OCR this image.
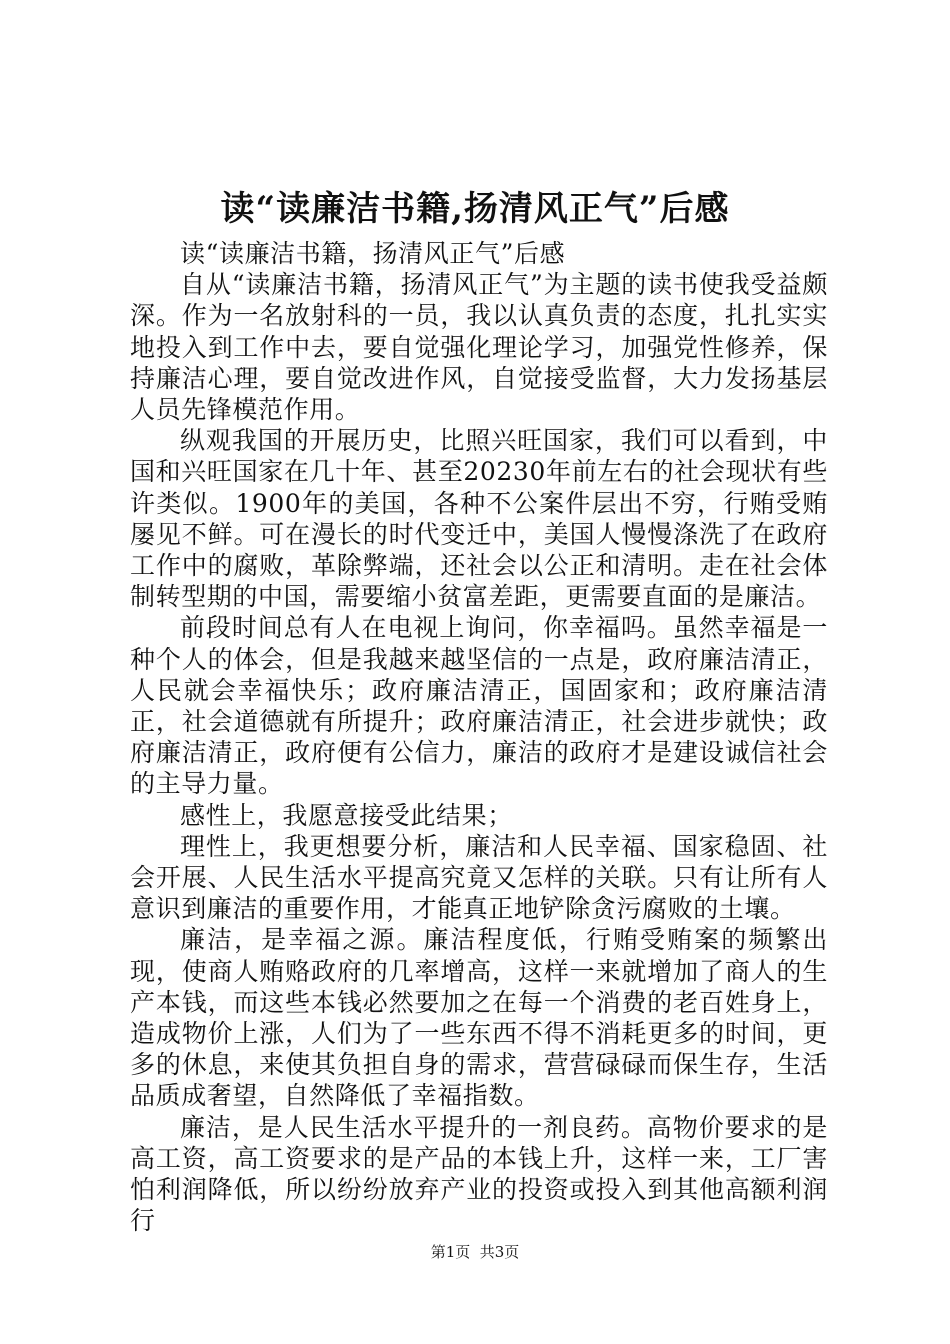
读“读廉洁书籍,扬清风正气”后感

读“读廉洁书籍，扬清风正气”后感

自从“读廉洁书籍，扬清风正气”为主题的读书使我受益颇深。作为一名放射科的一员，我以认真负责的态度，扎扎实实地投入到工作中去，要自觉强化理论学习，加强党性修养，保持廉洁心理，要自觉改进作风，自觉接受监督，大力发扬基层人员先锋模范作用。

纵观我国的开展历史，比照兴旺国家，我们可以看到，中国和兴旺国家在几十年、甚至20230年前左右的社会现状有些许类似。1900年的美国，各种不公案件层出不穷，行贿受贿屡见不鲜。可在漫长的时代变迁中，美国人慢慢涤洗了在政府工作中的腐败，革除弊端，还社会以公正和清明。走在社会体制转型期的中国，需要缩小贫富差距，更需要直面的是廉洁。

前段时间总有人在电视上询问，你幸福吗。虽然幸福是一种个人的体会，但是我越来越坚信的一点是，政府廉洁清正，人民就会幸福快乐；政府廉洁清正，国固家和；政府廉洁清正，社会道德就有所提升；政府廉洁清正，社会进步就快；政府廉洁清正，政府便有公信力，廉洁的政府才是建设诚信社会的主导力量。

感性上，我愿意接受此结果；

理性上，我更想要分析，廉洁和人民幸福、国家稳固、社会开展、人民生活水平提高究竟又怎样的关联。只有让所有人意识到廉洁的重要作用，才能真正地铲除贪污腐败的土壤。

廉洁，是幸福之源。廉洁程度低，行贿受贿案的频繁出现，使商人贿赂政府的几率增高，这样一来就增加了商人的生产本钱，而这些本钱必然要加之在每一个消费的老百姓身上，造成物价上涨，人们为了一些东西不得不消耗更多的时间，更多的休息，来使其负担自身的需求，营营碌碌而保生存，生活品质成奢望，自然降低了幸福指数。

廉洁，是人民生活水平提升的一剂良药。高物价要求的是高工资，高工资要求的是产品的本钱上升，这样一来，工厂害怕利润降低，所以纷纷放弃产业的投资或投入到其他高额利润行

第1页  共3页
